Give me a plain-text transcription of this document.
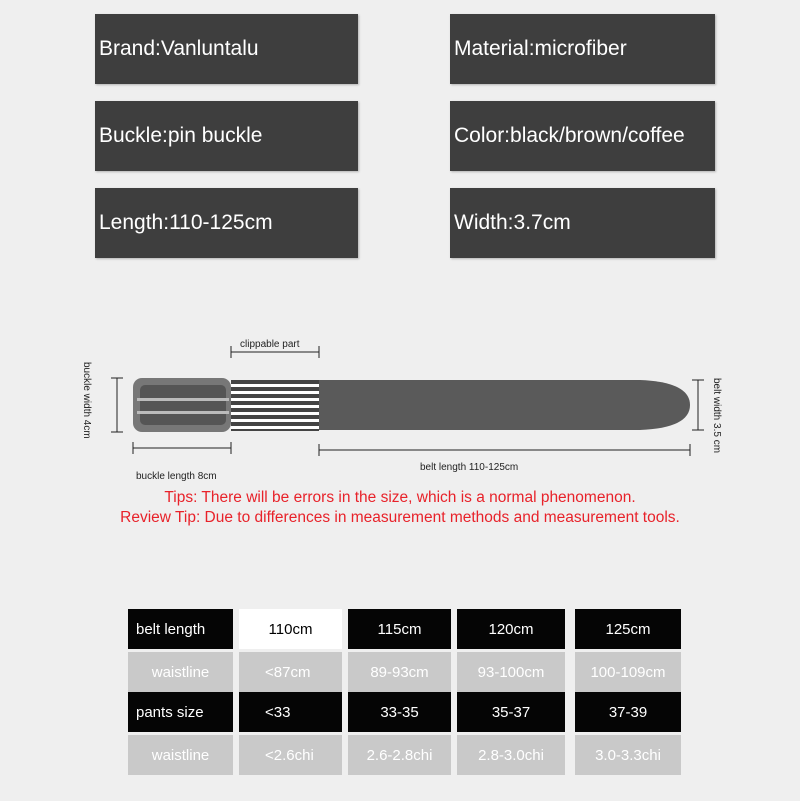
Brand:Vanluntalu	Material:microfiber
Buckle:pin buckle	Color:black/brown/coffee
Length:110-125cm	Width:3.7cm
clippable part
buckle width 4cm
buckle length 8cm
belt length 110-125cm
belt width 3.5 cm
Tips: There will be errors in the size, which is a normal phenomenon.
Review Tip: Due to differences in measurement methods and measurement tools.
belt length	110cm	115cm	120cm	125cm
waistline	<87cm	89-93cm	93-100cm	100-109cm
pants size	<33	33-35	35-37	37-39
waistline	<2.6chi	2.6-2.8chi	2.8-3.0chi	3.0-3.3chi
